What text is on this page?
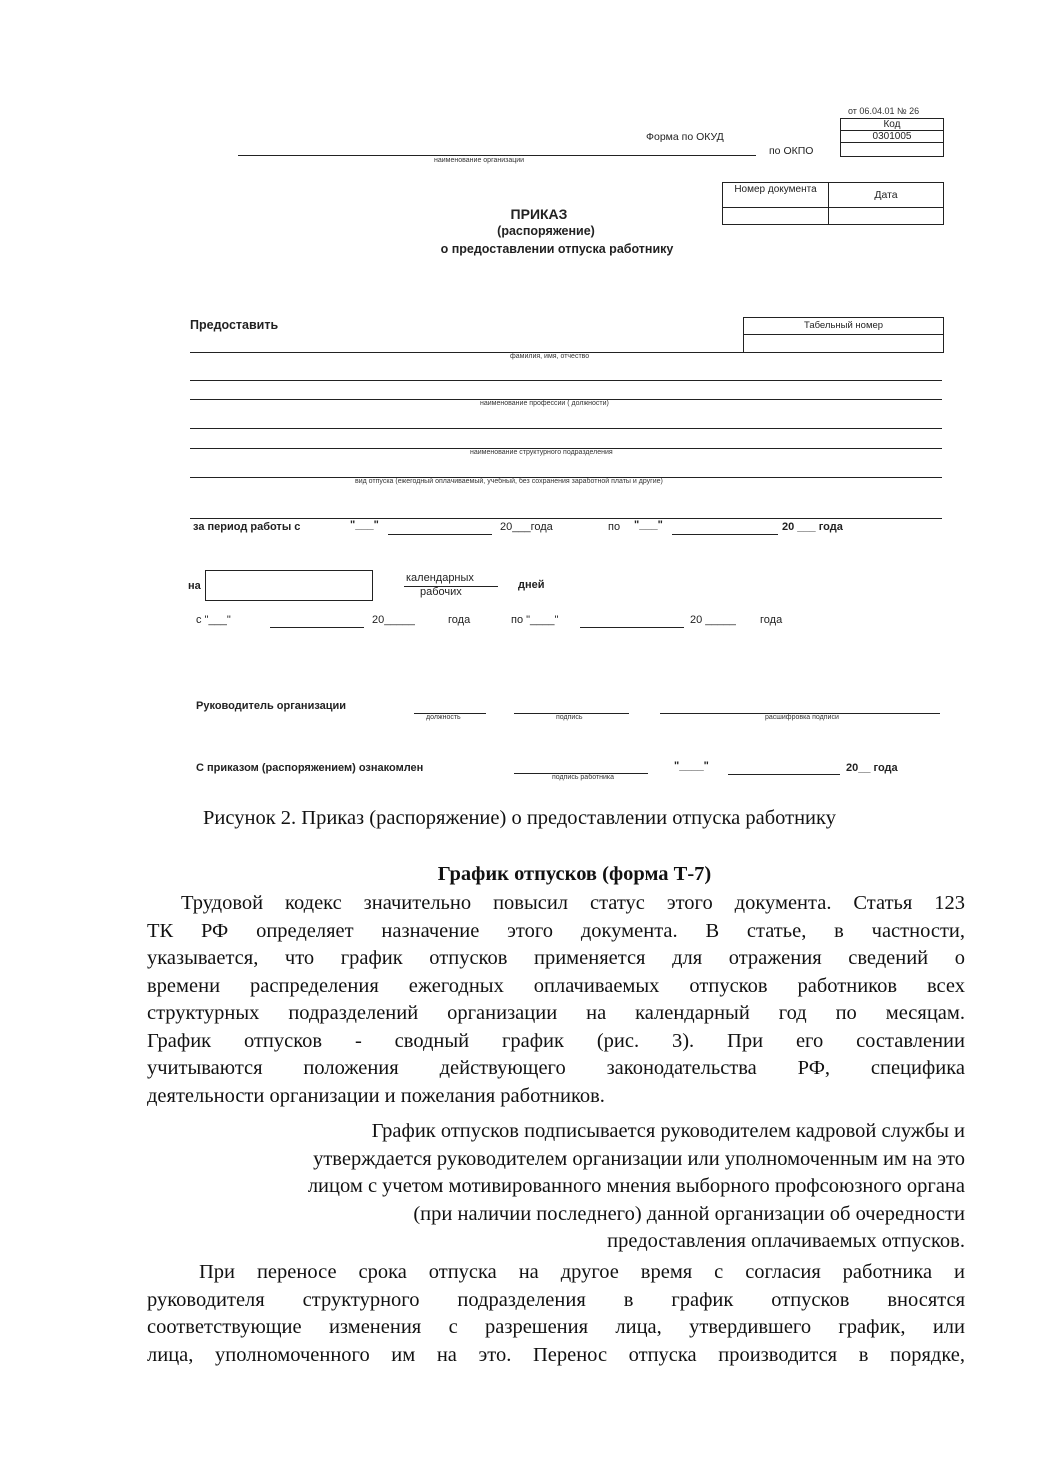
от 06.04.01 № 26
Код
0301005
Форма по ОКУД
по ОКПО
наименование организации
Номер документа	Дата
ПРИКАЗ
(распоряжение)
о предоставлении отпуска работнику
Предоставить	Табельный номер
фамилия, имя, отчество
наименование профессии ( должности)
наименование структурного подразделения
вид отпуска (ежегодный оплачиваемый, учебный, без сохранения заработной платы и другие)
за период работы с	"___"	20___года	по "___"	20 ___ года
на
календарных
рабочих
дней
с "___"	20_____	года	по "____"	20 _____ года
Руководитель организации
должность	подпись	расшифровка подписи
С приказом (распоряжением) ознакомлен
подпись работника
"____"	20__ года
Рисунок 2. Приказ (распоряжение) о предоставлении отпуска работнику
График отпусков (форма Т-7)
Трудовой кодекс значительно повысил статус этого документа. Статья 123
ТК РФ определяет назначение этого документа. В статье, в частности,
указывается, что график отпусков применяется для отражения сведений о
времени распределения ежегодных оплачиваемых отпусков работников всех
структурных подразделений организации на календарный год по месяцам.
График отпусков - сводный график (рис. 3). При его составлении
учитываются положения действующего законодательства РФ, специфика
деятельности организации и пожелания работников.
График отпусков подписывается руководителем кадровой службы и
утверждается руководителем организации или уполномоченным им на это
лицом с учетом мотивированного мнения выборного профсоюзного органа
(при наличии последнего) данной организации об очередности
предоставления оплачиваемых отпусков.
При переносе срока отпуска на другое время с согласия работника и
руководителя структурного подразделения в график отпусков вносятся
соответствующие изменения с разрешения лица, утвердившего график, или
лица, уполномоченного им на это. Перенос отпуска производится в порядке,
